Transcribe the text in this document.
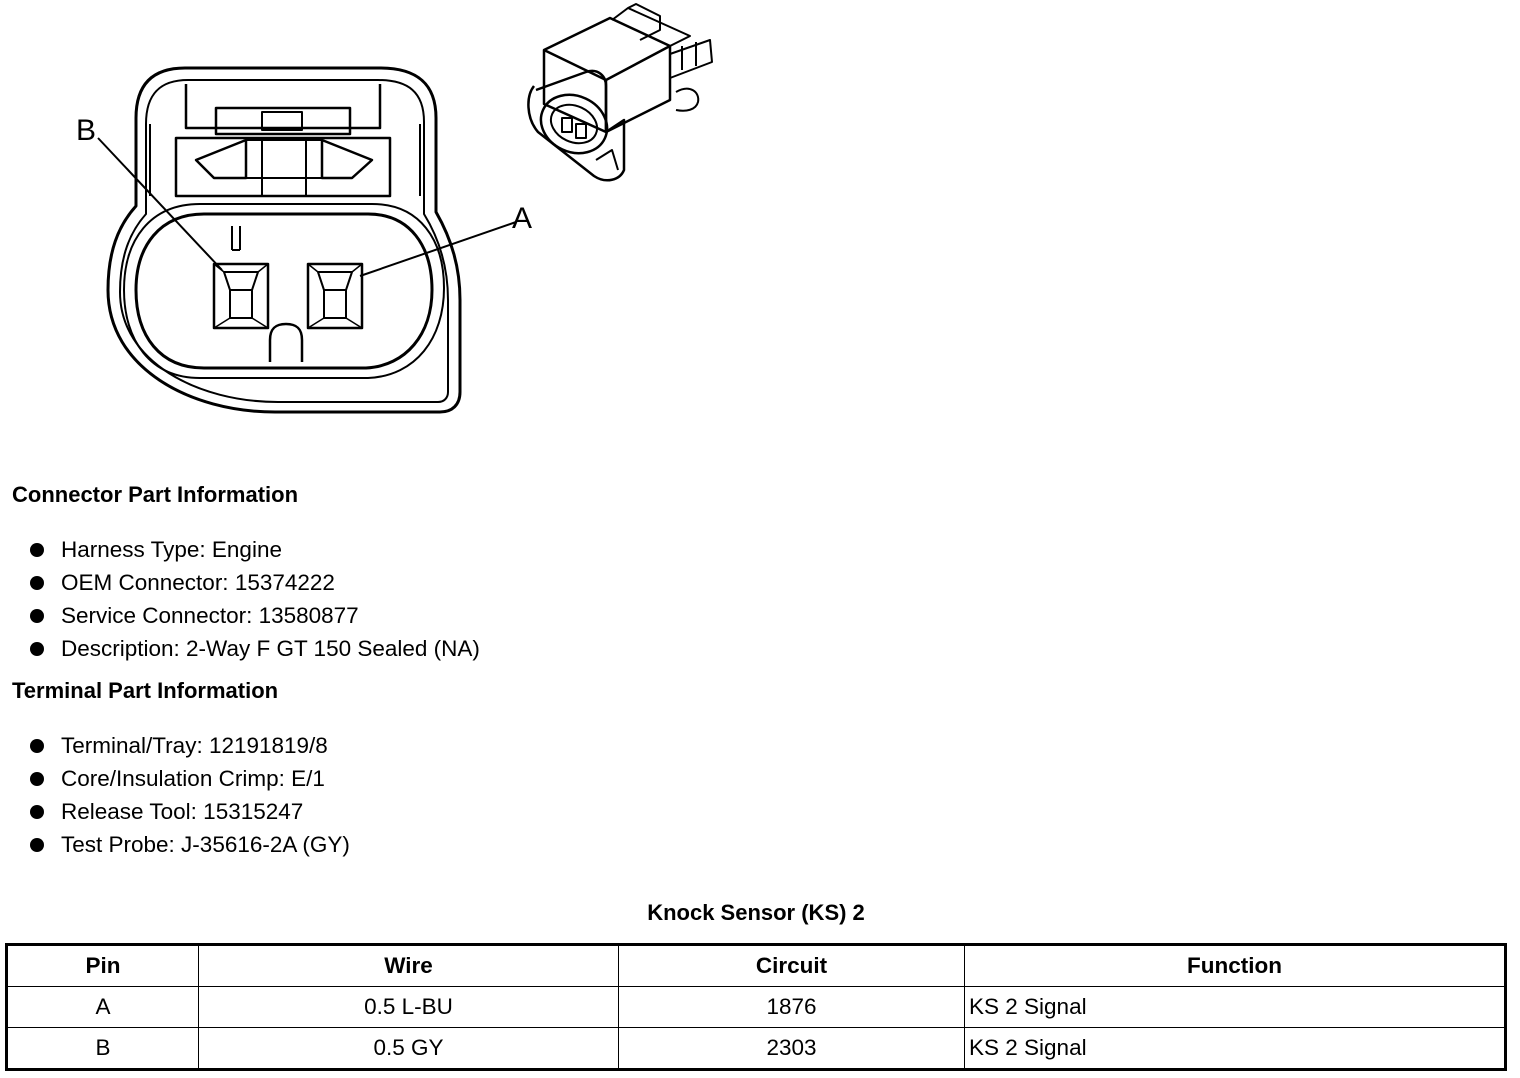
B
A
Connector Part Information
Harness Type: Engine
OEM Connector: 15374222
Service Connector: 13580877
Description: 2-Way F GT 150 Sealed (NA)
Terminal Part Information
Terminal/Tray: 12191819/8
Core/Insulation Crimp: E/1
Release Tool: 15315247
Test Probe: J-35616-2A (GY)
Knock Sensor (KS) 2
Pin	Wire	Circuit	Function
A	0.5 L-BU	1876	KS 2 Signal
B	0.5 GY	2303	KS 2 Signal
